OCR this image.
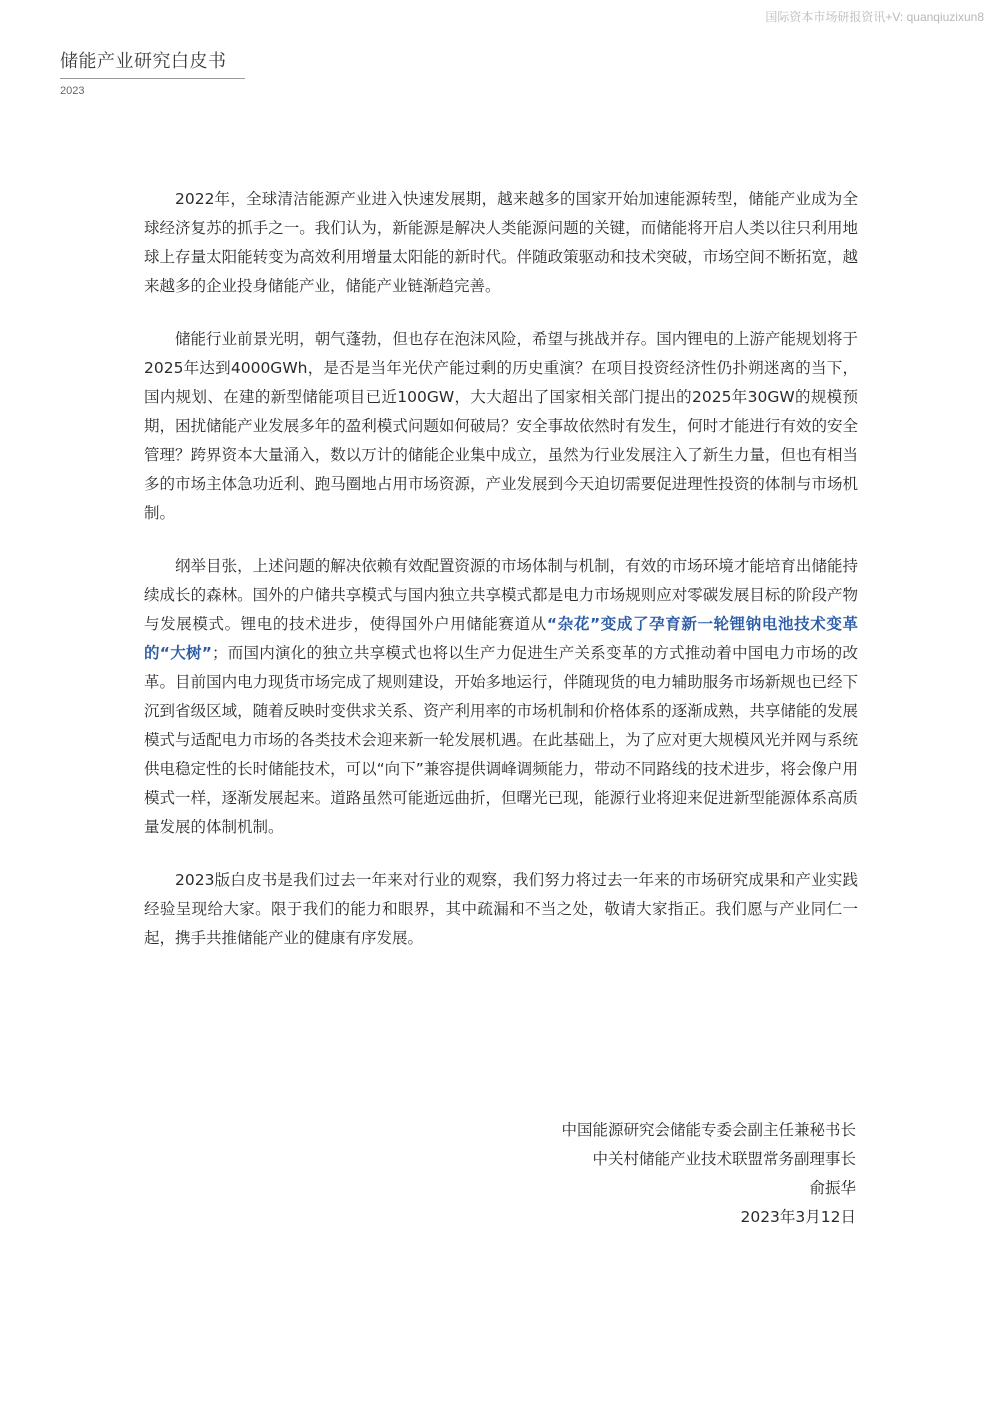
国际资本市场研报资讯+V: quanqiuzixun8
储能产业研究白皮书
2023

2022年，全球清洁能源产业进入快速发展期，越来越多的国家开始加速能源转型，储能产业成为全球经济复苏的抓手之一。我们认为，新能源是解决人类能源问题的关键，而储能将开启人类以往只利用地球上存量太阳能转变为高效利用增量太阳能的新时代。伴随政策驱动和技术突破，市场空间不断拓宽，越来越多的企业投身储能产业，储能产业链渐趋完善。

储能行业前景光明，朝气蓬勃，但也存在泡沫风险，希望与挑战并存。国内锂电的上游产能规划将于2025年达到4000GWh，是否是当年光伏产能过剩的历史重演？在项目投资经济性仍扑朔迷离的当下，国内规划、在建的新型储能项目已近100GW，大大超出了国家相关部门提出的2025年30GW的规模预期，困扰储能产业发展多年的盈利模式问题如何破局？安全事故依然时有发生，何时才能进行有效的安全管理？跨界资本大量涌入，数以万计的储能企业集中成立，虽然为行业发展注入了新生力量，但也有相当多的市场主体急功近利、跑马圈地占用市场资源，产业发展到今天迫切需要促进理性投资的体制与市场机制。

纲举目张，上述问题的解决依赖有效配置资源的市场体制与机制，有效的市场环境才能培育出储能持续成长的森林。国外的户储共享模式与国内独立共享模式都是电力市场规则应对零碳发展目标的阶段产物与发展模式。锂电的技术进步，使得国外户用储能赛道从“杂花”变成了孕育新一轮锂钠电池技术变革的“大树”；而国内演化的独立共享模式也将以生产力促进生产关系变革的方式推动着中国电力市场的改革。目前国内电力现货市场完成了规则建设，开始多地运行，伴随现货的电力辅助服务市场新规也已经下沉到省级区域，随着反映时变供求关系、资产利用率的市场机制和价格体系的逐渐成熟，共享储能的发展模式与适配电力市场的各类技术会迎来新一轮发展机遇。在此基础上，为了应对更大规模风光并网与系统供电稳定性的长时储能技术，可以“向下”兼容提供调峰调频能力，带动不同路线的技术进步，将会像户用模式一样，逐渐发展起来。道路虽然可能逝远曲折，但曙光已现，能源行业将迎来促进新型能源体系高质量发展的体制机制。

2023版白皮书是我们过去一年来对行业的观察，我们努力将过去一年来的市场研究成果和产业实践经验呈现给大家。限于我们的能力和眼界，其中疏漏和不当之处，敬请大家指正。我们愿与产业同仁一起，携手共推储能产业的健康有序发展。

中国能源研究会储能专委会副主任兼秘书长
中关村储能产业技术联盟常务副理事长
俞振华
2023年3月12日
